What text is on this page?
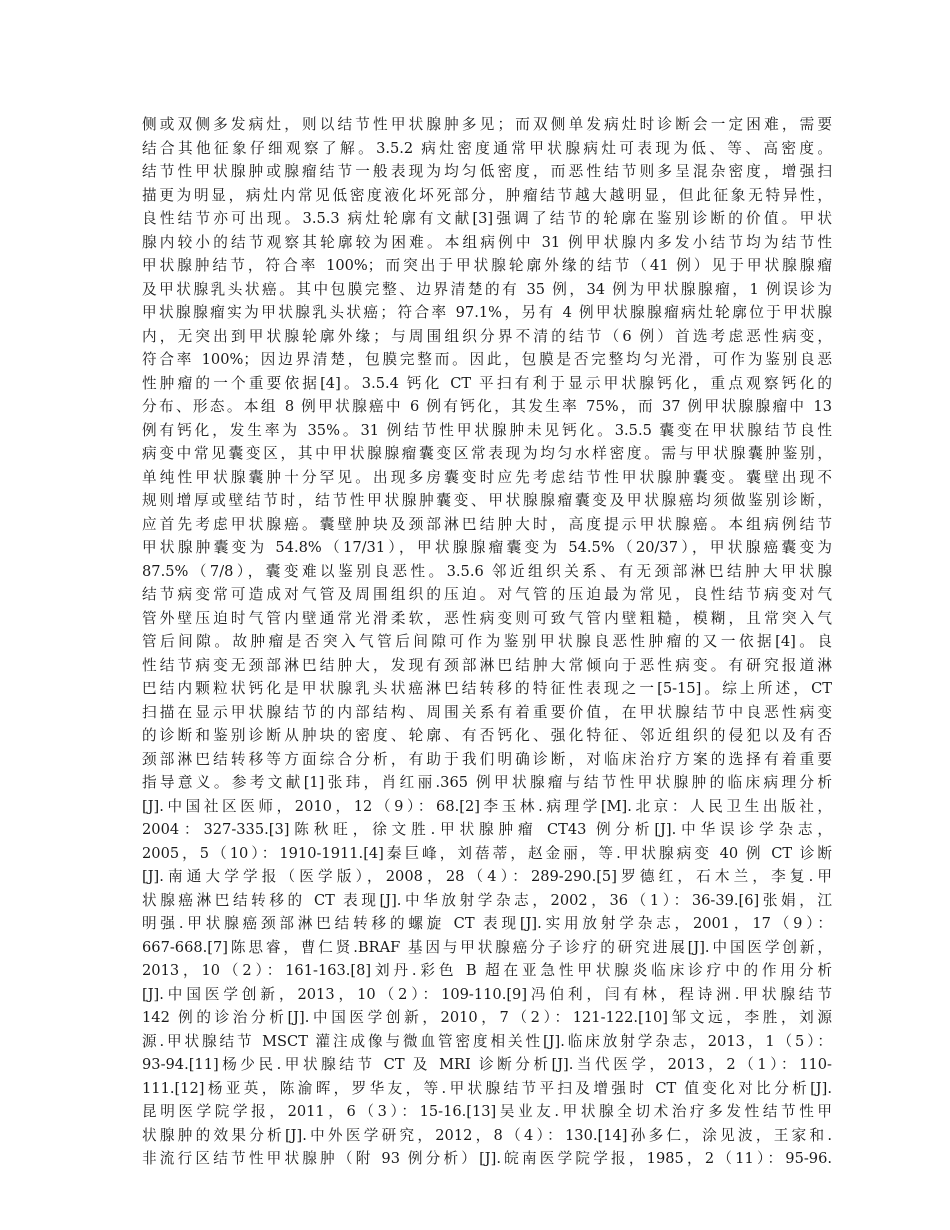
侧或双侧多发病灶，则以结节性甲状腺肿多见；而双侧单发病灶时诊断会一定困难，需要
结合其他征象仔细观察了解。3.5.2 病灶密度通常甲状腺病灶可表现为低、等、高密度。
结节性甲状腺肿或腺瘤结节一般表现为均匀低密度，而恶性结节则多呈混杂密度，增强扫
描更为明显，病灶内常见低密度液化坏死部分，肿瘤结节越大越明显，但此征象无特异性，
良性结节亦可出现。3.5.3 病灶轮廓有文献[3]强调了结节的轮廓在鉴别诊断的价值。甲状
腺内较小的结节观察其轮廓较为困难。本组病例中 31 例甲状腺内多发小结节均为结节性
甲状腺肿结节，符合率 100%；而突出于甲状腺轮廓外缘的结节（41 例）见于甲状腺腺瘤
及甲状腺乳头状癌。其中包膜完整、边界清楚的有 35 例，34 例为甲状腺腺瘤，1 例误诊为
甲状腺腺瘤实为甲状腺乳头状癌；符合率 97.1%，另有 4 例甲状腺腺瘤病灶轮廓位于甲状腺
内，无突出到甲状腺轮廓外缘；与周围组织分界不清的结节（6 例）首选考虑恶性病变，
符合率 100%；因边界清楚，包膜完整而。因此，包膜是否完整均匀光滑，可作为鉴别良恶
性肿瘤的一个重要依据[4]。3.5.4 钙化 CT 平扫有利于显示甲状腺钙化，重点观察钙化的
分布、形态。本组 8 例甲状腺癌中 6 例有钙化，其发生率 75%，而 37 例甲状腺腺瘤中 13
例有钙化，发生率为 35%。31 例结节性甲状腺肿未见钙化。3.5.5 囊变在甲状腺结节良性
病变中常见囊变区，其中甲状腺腺瘤囊变区常表现为均匀水样密度。需与甲状腺囊肿鉴别，
单纯性甲状腺囊肿十分罕见。出现多房囊变时应先考虑结节性甲状腺肿囊变。囊壁出现不
规则增厚或壁结节时，结节性甲状腺肿囊变、甲状腺腺瘤囊变及甲状腺癌均须做鉴别诊断，
应首先考虑甲状腺癌。囊壁肿块及颈部淋巴结肿大时，高度提示甲状腺癌。本组病例结节
甲状腺肿囊变为 54.8%（17/31），甲状腺腺瘤囊变为 54.5%（20/37），甲状腺癌囊变为
87.5%（7/8），囊变难以鉴别良恶性。3.5.6 邻近组织关系、有无颈部淋巴结肿大甲状腺
结节病变常可造成对气管及周围组织的压迫。对气管的压迫最为常见，良性结节病变对气
管外壁压迫时气管内壁通常光滑柔软，恶性病变则可致气管内壁粗糙，模糊，且常突入气
管后间隙。故肿瘤是否突入气管后间隙可作为鉴别甲状腺良恶性肿瘤的又一依据[4]。良
性结节病变无颈部淋巴结肿大，发现有颈部淋巴结肿大常倾向于恶性病变。有研究报道淋
巴结内颗粒状钙化是甲状腺乳头状癌淋巴结转移的特征性表现之一[5-15]。综上所述，CT
扫描在显示甲状腺结节的内部结构、周围关系有着重要价值，在甲状腺结节中良恶性病变
的诊断和鉴别诊断从肿块的密度、轮廓、有否钙化、强化特征、邻近组织的侵犯以及有否
颈部淋巴结转移等方面综合分析，有助于我们明确诊断，对临床治疗方案的选择有着重要
指导意义。参考文献[1]张玮，肖红丽.365 例甲状腺瘤与结节性甲状腺肿的临床病理分析
[J].中国社区医师，2010，12（9）：68.[2]李玉林.病理学[M].北京：人民卫生出版社，
2004：327-335.[3]陈秋旺，徐文胜.甲状腺肿瘤 CT43 例分析[J].中华误诊学杂志，
2005，5（10）：1910-1911.[4]秦巨峰，刘蓓蒂，赵金丽，等.甲状腺病变 40 例 CT 诊断
[J].南通大学学报（医学版），2008，28（4）：289-290.[5]罗德红，石木兰，李复.甲
状腺癌淋巴结转移的 CT 表现[J].中华放射学杂志，2002，36（1）：36-39.[6]张娟，江
明强.甲状腺癌颈部淋巴结转移的螺旋 CT 表现[J].实用放射学杂志，2001，17（9）：
667-668.[7]陈思睿，曹仁贤.BRAF 基因与甲状腺癌分子诊疗的研究进展[J].中国医学创新，
2013，10（2）：161-163.[8]刘丹.彩色 B 超在亚急性甲状腺炎临床诊疗中的作用分析
[J].中国医学创新，2013，10（2）：109-110.[9]冯伯利，闫有林，程诗洲.甲状腺结节
142 例的诊治分析[J].中国医学创新，2010，7（2）：121-122.[10]邹文远，李胜，刘源
源.甲状腺结节 MSCT 灌注成像与微血管密度相关性[J].临床放射学杂志，2013，1（5）：
93-94.[11]杨少民.甲状腺结节 CT 及 MRI 诊断分析[J].当代医学，2013，2（1）：110-
111.[12]杨亚英，陈渝晖，罗华友，等.甲状腺结节平扫及增强时 CT 值变化对比分析[J].
昆明医学院学报，2011，6（3）：15-16.[13]吴业友.甲状腺全切术治疗多发性结节性甲
状腺肿的效果分析[J].中外医学研究，2012，8（4）：130.[14]孙多仁，涂见波，王家和.
非流行区结节性甲状腺肿（附 93 例分析）[J].皖南医学院学报，1985，2（11）：95-96.
